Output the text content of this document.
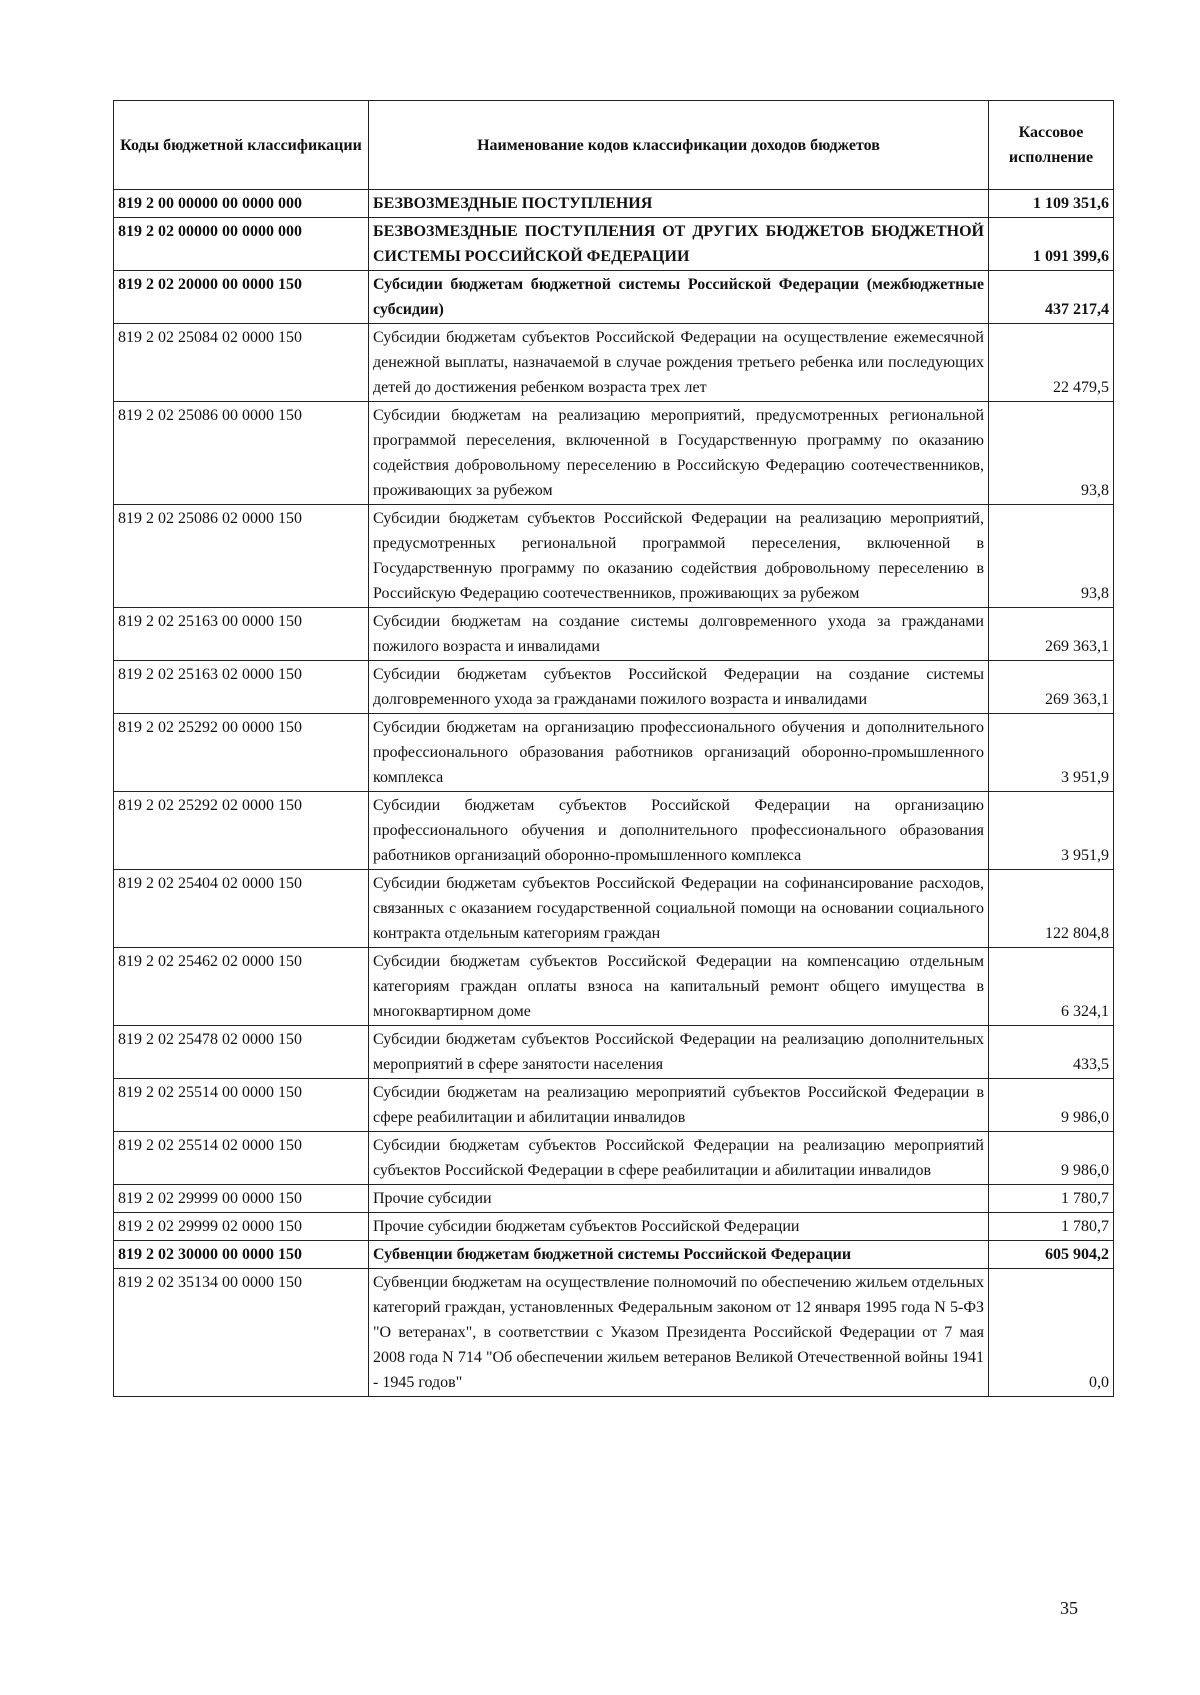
Коды бюджетной классификации	Наименование кодов классификации доходов бюджетов	Кассовое исполнение
819 2 00 00000 00 0000 000	БЕЗВОЗМЕЗДНЫЕ ПОСТУПЛЕНИЯ	1 109 351,6
819 2 02 00000 00 0000 000	БЕЗВОЗМЕЗДНЫЕ ПОСТУПЛЕНИЯ ОТ ДРУГИХ БЮДЖЕТОВ БЮДЖЕТНОЙ СИСТЕМЫ РОССИЙСКОЙ ФЕДЕРАЦИИ	1 091 399,6
819 2 02 20000 00 0000 150	Субсидии бюджетам бюджетной системы Российской Федерации (межбюджетные субсидии)	437 217,4
819 2 02 25084 02 0000 150	Субсидии бюджетам субъектов Российской Федерации на осуществление ежемесячной денежной выплаты, назначаемой в случае рождения третьего ребенка или последующих детей до достижения ребенком возраста трех лет	22 479,5
819 2 02 25086 00 0000 150	Субсидии бюджетам на реализацию мероприятий, предусмотренных региональной программой переселения, включенной в Государственную программу по оказанию содействия добровольному переселению в Российскую Федерацию соотечественников, проживающих за рубежом	93,8
819 2 02 25086 02 0000 150	Субсидии бюджетам субъектов Российской Федерации на реализацию мероприятий, предусмотренных региональной программой переселения, включенной в Государственную программу по оказанию содействия добровольному переселению в Российскую Федерацию соотечественников, проживающих за рубежом	93,8
819 2 02 25163 00 0000 150	Субсидии бюджетам на создание системы долговременного ухода за гражданами пожилого возраста и инвалидами	269 363,1
819 2 02 25163 02 0000 150	Субсидии бюджетам субъектов Российской Федерации на создание системы долговременного ухода за гражданами пожилого возраста и инвалидами	269 363,1
819 2 02 25292 00 0000 150	Субсидии бюджетам на организацию профессионального обучения и дополнительного профессионального образования работников организаций оборонно-промышленного комплекса	3 951,9
819 2 02 25292 02 0000 150	Субсидии бюджетам субъектов Российской Федерации на организацию профессионального обучения и дополнительного профессионального образования работников организаций оборонно-промышленного комплекса	3 951,9
819 2 02 25404 02 0000 150	Субсидии бюджетам субъектов Российской Федерации на софинансирование расходов, связанных с оказанием государственной социальной помощи на основании социального контракта отдельным категориям граждан	122 804,8
819 2 02 25462 02 0000 150	Субсидии бюджетам субъектов Российской Федерации на компенсацию отдельным категориям граждан оплаты взноса на капитальный ремонт общего имущества в многоквартирном доме	6 324,1
819 2 02 25478 02 0000 150	Субсидии бюджетам субъектов Российской Федерации на реализацию дополнительных мероприятий в сфере занятости населения	433,5
819 2 02 25514 00 0000 150	Субсидии бюджетам на реализацию мероприятий субъектов Российской Федерации в сфере реабилитации и абилитации инвалидов	9 986,0
819 2 02 25514 02 0000 150	Субсидии бюджетам субъектов Российской Федерации на реализацию мероприятий субъектов Российской Федерации в сфере реабилитации и абилитации инвалидов	9 986,0
819 2 02 29999 00 0000 150	Прочие субсидии	1 780,7
819 2 02 29999 02 0000 150	Прочие субсидии бюджетам субъектов Российской Федерации	1 780,7
819 2 02 30000 00 0000 150	Субвенции бюджетам бюджетной системы Российской Федерации	605 904,2
819 2 02 35134 00 0000 150	Субвенции бюджетам на осуществление полномочий по обеспечению жильем отдельных категорий граждан, установленных Федеральным законом от 12 января 1995 года N 5-ФЗ "О ветеранах", в соответствии с Указом Президента Российской Федерации от 7 мая 2008 года N 714 "Об обеспечении жильем ветеранов Великой Отечественной войны 1941 - 1945 годов"	0,0
35
